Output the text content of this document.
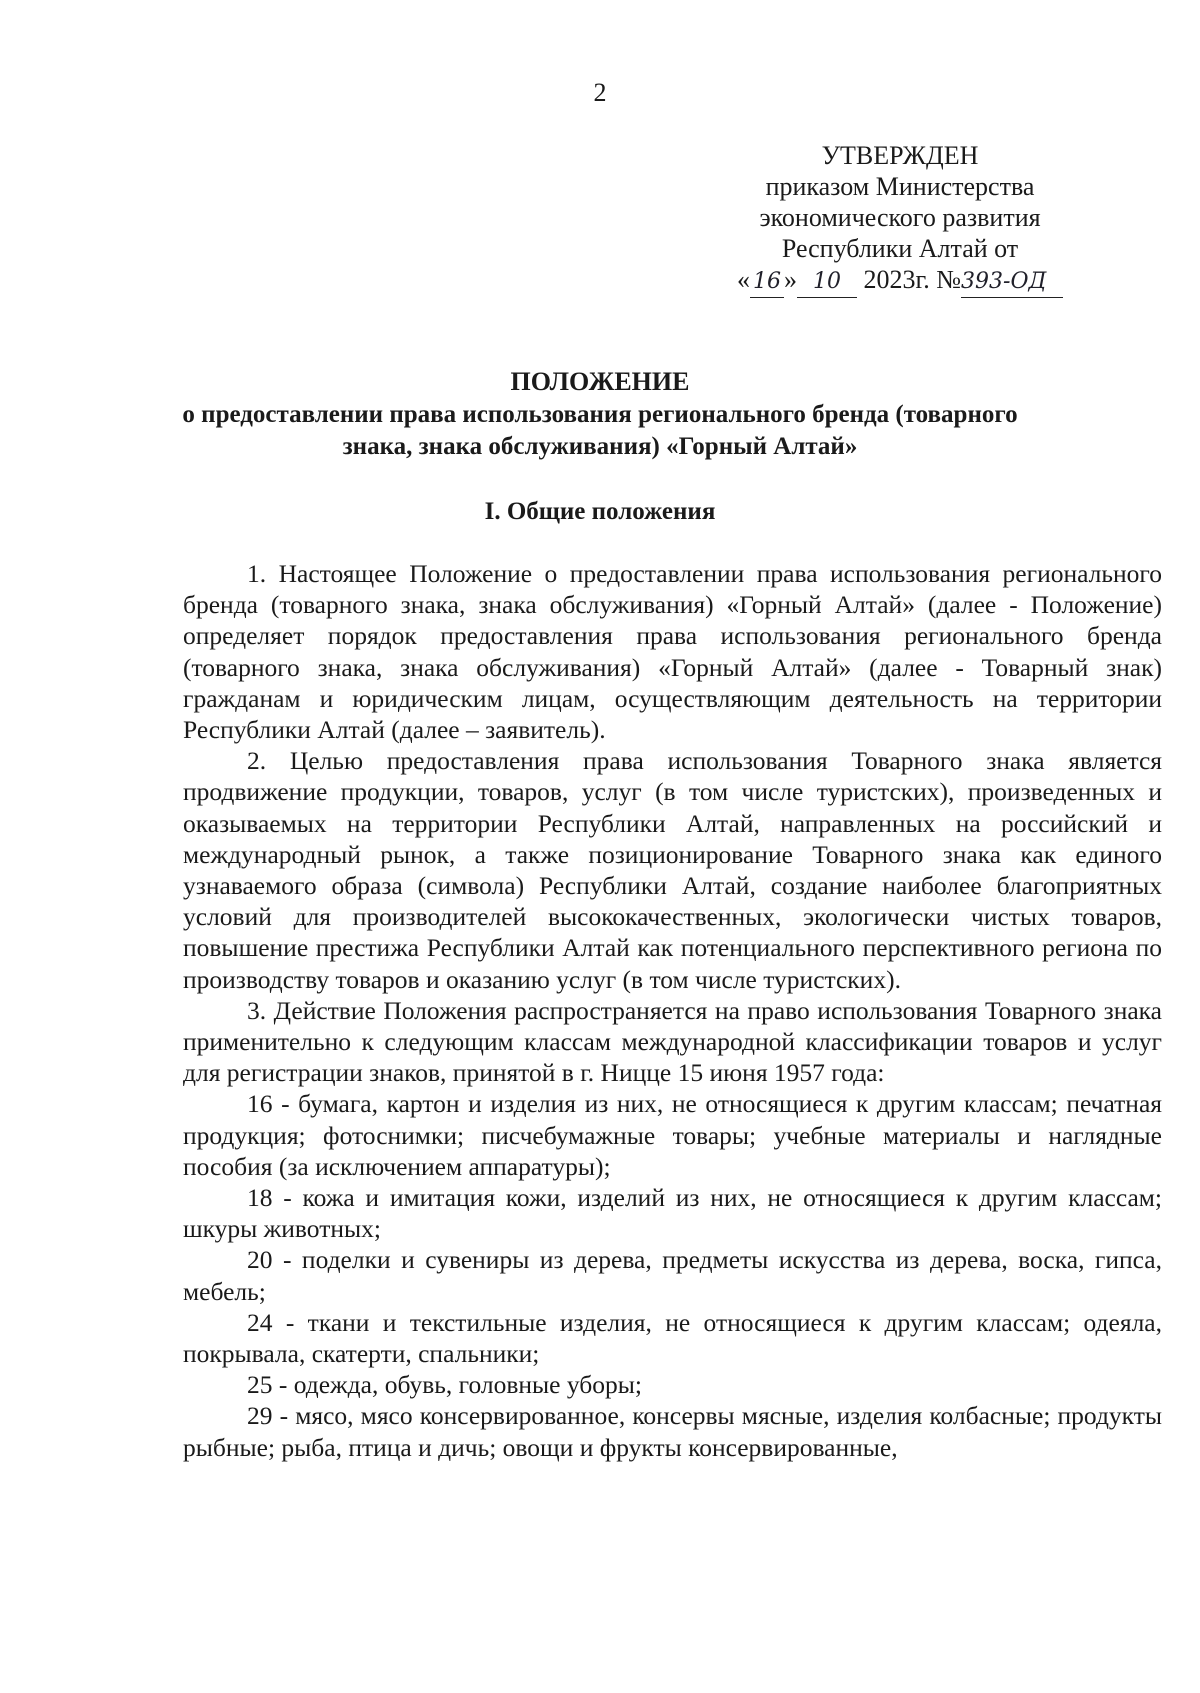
2
УТВЕРЖДЕН
приказом Министерства
экономического развития
Республики Алтай от
« 16 » 10 2023г. №393-ОД
ПОЛОЖЕНИЕ
о предоставлении права использования регионального бренда (товарного знака, знака обслуживания) «Горный Алтай»
I. Общие положения

1. Настоящее Положение о предоставлении права использования регионального бренда (товарного знака, знака обслуживания) «Горный Алтай» (далее - Положение) определяет порядок предоставления права использования регионального бренда (товарного знака, знака обслуживания) «Горный Алтай» (далее - Товарный знак) гражданам и юридическим лицам, осуществляющим деятельность на территории Республики Алтай (далее – заявитель).

2. Целью предоставления права использования Товарного знака является продвижение продукции, товаров, услуг (в том числе туристских), произведенных и оказываемых на территории Республики Алтай, направленных на российский и международный рынок, а также позиционирование Товарного знака как единого узнаваемого образа (символа) Республики Алтай, создание наиболее благоприятных условий для производителей высококачественных, экологически чистых товаров, повышение престижа Республики Алтай как потенциального перспективного региона по производству товаров и оказанию услуг (в том числе туристских).

3. Действие Положения распространяется на право использования Товарного знака применительно к следующим классам международной классификации товаров и услуг для регистрации знаков, принятой в г. Ницце 15 июня 1957 года:

16 - бумага, картон и изделия из них, не относящиеся к другим классам; печатная продукция; фотоснимки; писчебумажные товары; учебные материалы и наглядные пособия (за исключением аппаратуры);

18 - кожа и имитация кожи, изделий из них, не относящиеся к другим классам; шкуры животных;

20 - поделки и сувениры из дерева, предметы искусства из дерева, воска, гипса, мебель;

24 - ткани и текстильные изделия, не относящиеся к другим классам; одеяла, покрывала, скатерти, спальники;

25 - одежда, обувь, головные уборы;

29 - мясо, мясо консервированное, консервы мясные, изделия колбасные; продукты рыбные; рыба, птица и дичь; овощи и фрукты консервированные,
